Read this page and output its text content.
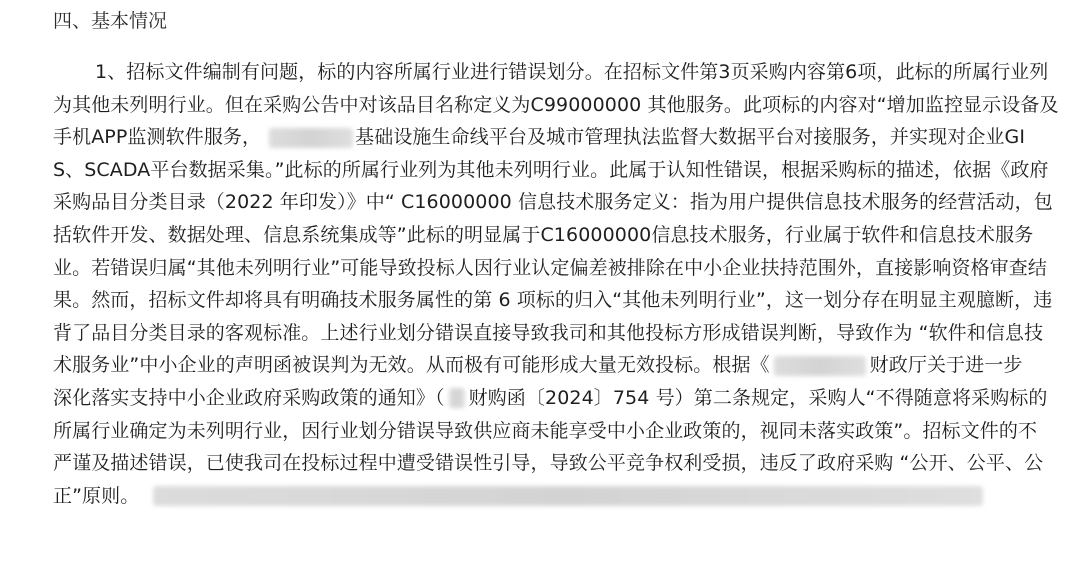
四、基本情况
1、招标文件编制有问题，标的内容所属行业进行错误划分。在招标文件第3页采购内容第6项，此标的所属行业列
为其他未列明行业。但在采购公告中对该品目名称定义为C99000000 其他服务。此项标的内容对“增加监控显示设备及
手机APP监测软件服务，	基础设施生命线平台及城市管理执法监督大数据平台对接服务，并实现对企业GI
S、SCADA平台数据采集。”此标的所属行业列为其他未列明行业。此属于认知性错误，根据采购标的描述，依据《政府
采购品目分类目录（2022 年印发）》中“ C16000000 信息技术服务定义：指为用户提供信息技术服务的经营活动，包
括软件开发、数据处理、信息系统集成等”此标的明显属于C16000000信息技术服务，行业属于软件和信息技术服务
业。若错误归属“其他未列明行业”可能导致投标人因行业认定偏差被排除在中小企业扶持范围外，直接影响资格审查结
果。然而，招标文件却将具有明确技术服务属性的第 6 项标的归入“其他未列明行业”，这一划分存在明显主观臆断，违
背了品目分类目录的客观标准。上述行业划分错误直接导致我司和其他投标方形成错误判断，导致作为 “软件和信息技
术服务业”中小企业的声明函被误判为无效。从而极有可能形成大量无效投标。根据《	财政厅关于进一步
深化落实支持中小企业政府采购政策的通知》（ 财购函〔2024〕754 号）第二条规定，采购人“不得随意将采购标的
所属行业确定为未列明行业，因行业划分错误导致供应商未能享受中小企业政策的，视同未落实政策”。招标文件的不
严谨及描述错误，已使我司在投标过程中遭受错误性引导，导致公平竞争权利受损，违反了政府采购 “公开、公平、公
正”原则。
